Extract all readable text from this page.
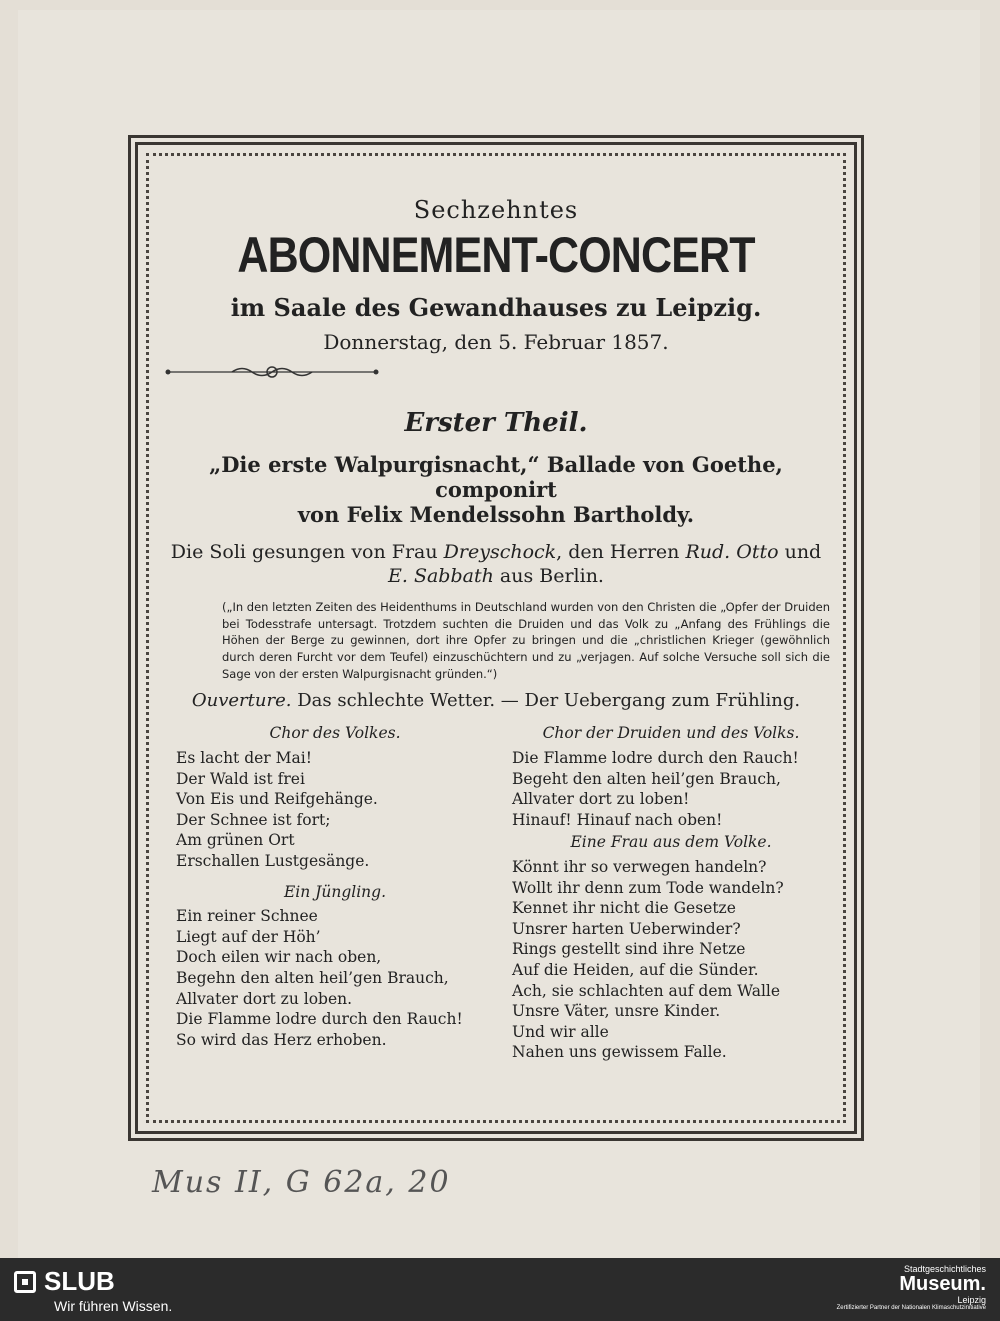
Sechzehntes
ABONNEMENT-CONCERT
im Saale des Gewandhauses zu Leipzig.
Donnerstag, den 5. Februar 1857.
Erster Theil.
„Die erste Walpurgisnacht,“ Ballade von Goethe, componirt
von Felix Mendelssohn Bartholdy.
Die Soli gesungen von Frau Dreyschock, den Herren Rud. Otto und
E. Sabbath aus Berlin.
(„In den letzten Zeiten des Heidenthums in Deutschland wurden von den Christen die „Opfer der Druiden bei Todesstrafe untersagt. Trotzdem suchten die Druiden und das Volk zu „Anfang des Frühlings die Höhen der Berge zu gewinnen, dort ihre Opfer zu bringen und die „christlichen Krieger (gewöhnlich durch deren Furcht vor dem Teufel) einzuschüchtern und zu „verjagen. Auf solche Versuche soll sich die Sage von der ersten Walpurgisnacht gründen.“)
Ouverture. Das schlechte Wetter. — Der Uebergang zum Frühling.
Chor des Volkes.
Es lacht der Mai!
Der Wald ist frei
Von Eis und Reifgehänge.
Der Schnee ist fort;
Am grünen Ort
Erschallen Lustgesänge.
Ein Jüngling.
Ein reiner Schnee
Liegt auf der Höh’
Doch eilen wir nach oben,
Begehn den alten heil’gen Brauch,
Allvater dort zu loben.
Die Flamme lodre durch den Rauch!
So wird das Herz erhoben.
Chor der Druiden und des Volks.
Die Flamme lodre durch den Rauch!
Begeht den alten heil’gen Brauch,
Allvater dort zu loben!
Hinauf! Hinauf nach oben!
Eine Frau aus dem Volke.
Könnt ihr so verwegen handeln?
Wollt ihr denn zum Tode wandeln?
Kennet ihr nicht die Gesetze
Unsrer harten Ueberwinder?
Rings gestellt sind ihre Netze
Auf die Heiden, auf die Sünder.
Ach, sie schlachten auf dem Walle
Unsre Väter, unsre Kinder.
Und wir alle
Nahen uns gewissem Falle.
Mus II, G 62a, 20
SLUB
Wir führen Wissen.
Stadtgeschichtliches
Museum.
Leipzig
Zertifizierter Partner der Nationalen Klimaschutzinitiative
